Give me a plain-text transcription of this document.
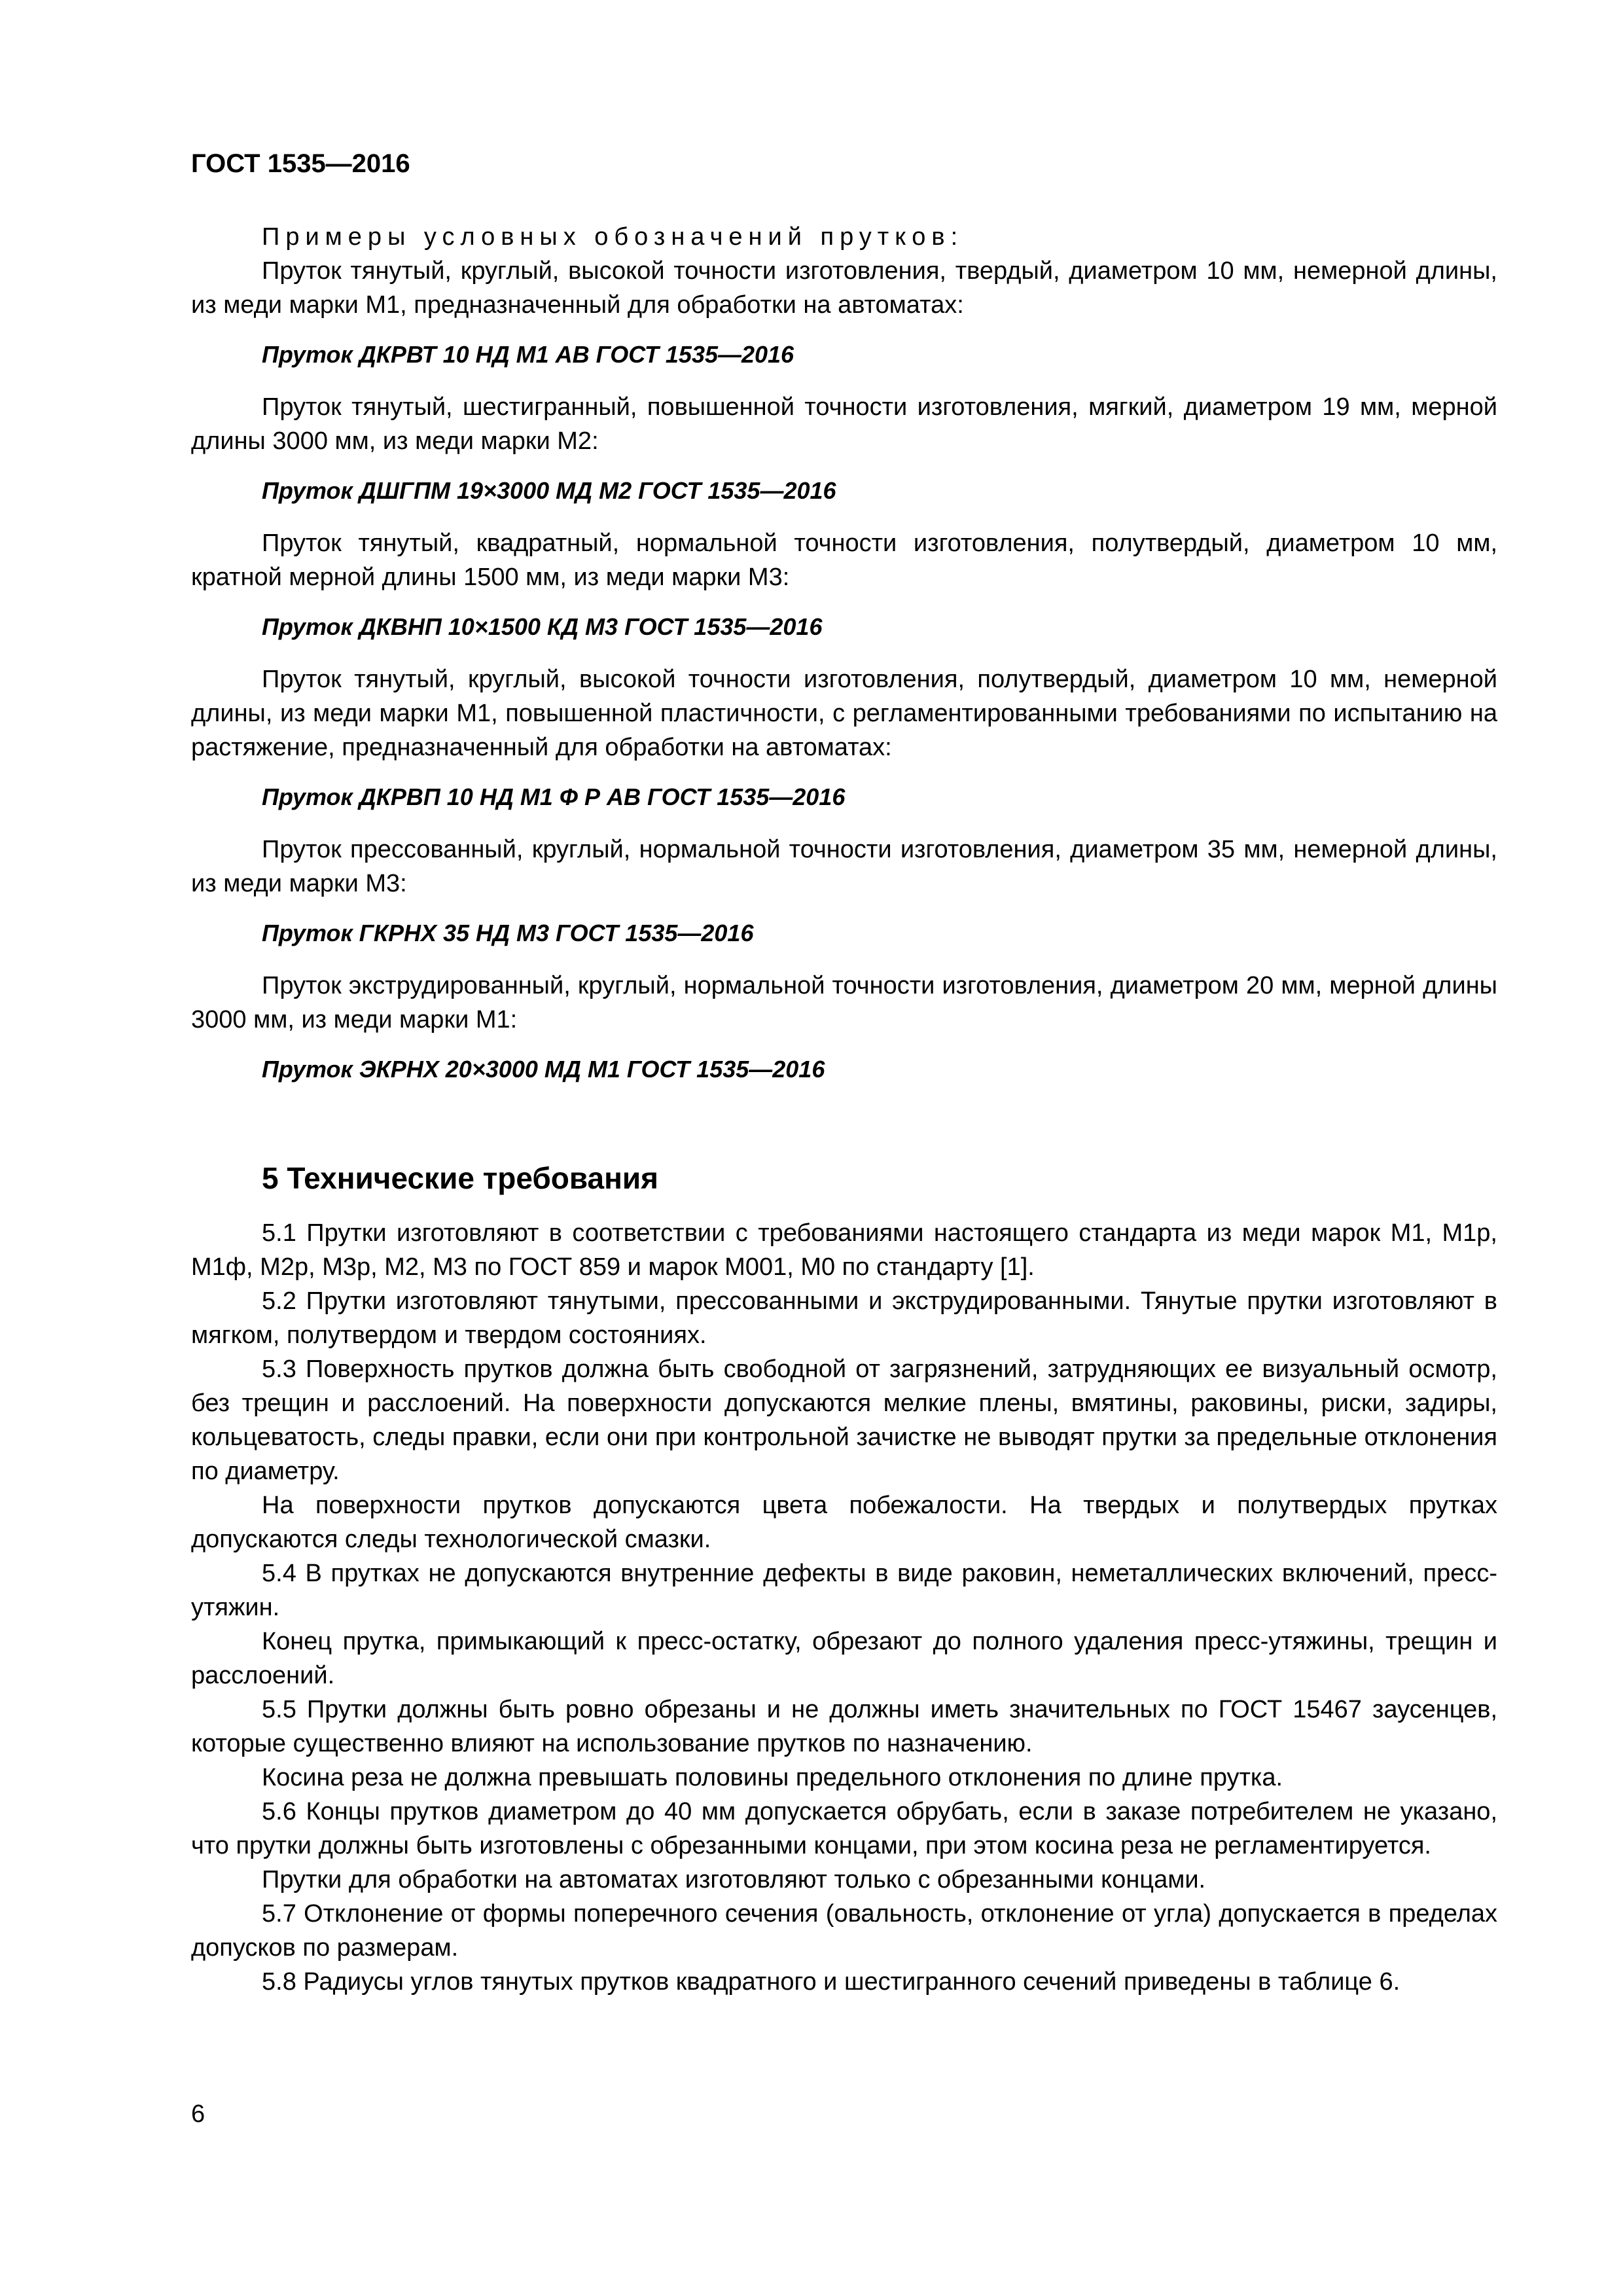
ГОСТ 1535—2016

Примеры условных обозначений прутков:

Пруток тянутый, круглый, высокой точности изготовления, твердый, диаметром 10 мм, немерной длины, из меди марки М1, предназначенный для обработки на автоматах:

Пруток ДКРВТ 10 НД М1 АВ ГОСТ 1535—2016

Пруток тянутый, шестигранный, повышенной точности изготовления, мягкий, диаметром 19 мм, мерной длины 3000 мм, из меди марки М2:

Пруток ДШГПМ 19×3000 МД М2 ГОСТ 1535—2016

Пруток тянутый, квадратный, нормальной точности изготовления, полутвердый, диаметром 10 мм, кратной мерной длины 1500 мм, из меди марки М3:

Пруток ДКВНП 10×1500 КД М3 ГОСТ 1535—2016

Пруток тянутый, круглый, высокой точности изготовления, полутвердый, диаметром 10 мм, немерной длины, из меди марки М1, повышенной пластичности, с регламентированными требованиями по испытанию на растяжение, предназначенный для обработки на автоматах:

Пруток ДКРВП 10 НД М1 Ф Р АВ ГОСТ 1535—2016

Пруток прессованный, круглый, нормальной точности изготовления, диаметром 35 мм, немерной длины, из меди марки М3:

Пруток ГКРНХ 35 НД М3 ГОСТ 1535—2016

Пруток экструдированный, круглый, нормальной точности изготовления, диаметром 20 мм, мерной длины 3000 мм, из меди марки М1:

Пруток ЭКРНХ 20×3000 МД М1 ГОСТ 1535—2016

5 Технические требования

5.1 Прутки изготовляют в соответствии с требованиями настоящего стандарта из меди марок М1, М1р, М1ф, М2р, М3р, М2, М3 по ГОСТ 859 и марок М001, М0 по стандарту [1].

5.2 Прутки изготовляют тянутыми, прессованными и экструдированными. Тянутые прутки изготовляют в мягком, полутвердом и твердом состояниях.

5.3 Поверхность прутков должна быть свободной от загрязнений, затрудняющих ее визуальный осмотр, без трещин и расслоений. На поверхности допускаются мелкие плены, вмятины, раковины, риски, задиры, кольцеватость, следы правки, если они при контрольной зачистке не выводят прутки за предельные отклонения по диаметру.

На поверхности прутков допускаются цвета побежалости. На твердых и полутвердых прутках допускаются следы технологической смазки.

5.4 В прутках не допускаются внутренние дефекты в виде раковин, неметаллических включений, пресс-утяжин.

Конец прутка, примыкающий к пресс-остатку, обрезают до полного удаления пресс-утяжины, трещин и расслоений.

5.5 Прутки должны быть ровно обрезаны и не должны иметь значительных по ГОСТ 15467 заусенцев, которые существенно влияют на использование прутков по назначению.

Косина реза не должна превышать половины предельного отклонения по длине прутка.

5.6 Концы прутков диаметром до 40 мм допускается обрубать, если в заказе потребителем не указано, что прутки должны быть изготовлены с обрезанными концами, при этом косина реза не регламентируется.

Прутки для обработки на автоматах изготовляют только с обрезанными концами.

5.7 Отклонение от формы поперечного сечения (овальность, отклонение от угла) допускается в пределах допусков по размерам.

5.8 Радиусы углов тянутых прутков квадратного и шестигранного сечений приведены в таблице 6.

6
